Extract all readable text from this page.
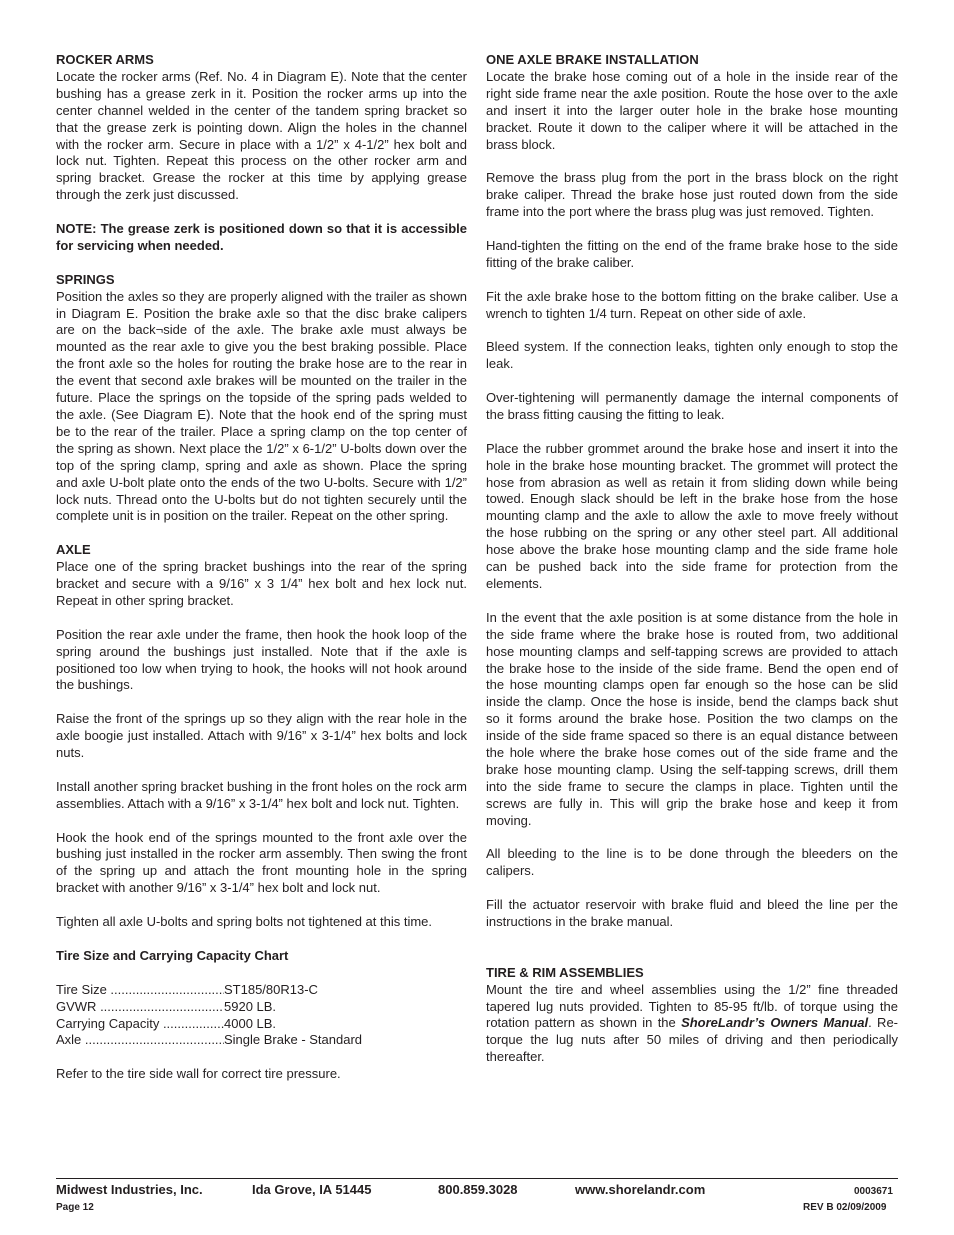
ROCKER ARMS

Locate the rocker arms (Ref. No. 4 in Diagram E). Note that the center bushing has a grease zerk in it. Position the rocker arms up into the center channel welded in the center of the tandem spring bracket so that the grease zerk is pointing down. Align the holes in the channel with the rocker arm. Secure in place with a 1/2” x 4-1/2” hex bolt and lock nut. Tighten. Repeat this process on the other rocker arm and spring bracket. Grease the rocker at this time by applying grease through the zerk just discussed.

NOTE: The grease zerk is positioned down so that it is accessible for servicing when needed.

SPRINGS

Position the axles so they are properly aligned with the trailer as shown in Diagram E. Position the brake axle so that the disc brake calipers are on the back¬side of the axle. The brake axle must always be mounted as the rear axle to give you the best braking possible. Place the front axle so the holes for routing the brake hose are to the rear in the event that second axle brakes will be mounted on the trailer in the future. Place the springs on the topside of the spring pads welded to the axle. (See Diagram E). Note that the hook end of the spring must be to the rear of the trailer. Place a spring clamp on the top center of the spring as shown. Next place the 1/2” x 6-1/2” U-bolts down over the top of the spring clamp, spring and axle as shown. Place the spring and axle U-bolt plate onto the ends of the two U-bolts. Secure with 1/2” lock nuts. Thread onto the U-bolts but do not tighten securely until the complete unit is in position on the trailer. Repeat on the other spring.

AXLE

Place one of the spring bracket bushings into the rear of the spring bracket and secure with a 9/16” x 3 1/4” hex bolt and hex lock nut. Repeat in other spring bracket.

Position the rear axle under the frame, then hook the hook loop of the spring around the bushings just installed. Note that if the axle is positioned too low when trying to hook, the hooks will not hook around the bushings.

Raise the front of the springs up so they align with the rear hole in the axle boogie just installed. Attach with 9/16” x 3-1/4” hex bolts and lock nuts.

Install another spring bracket bushing in the front holes on the rock arm assemblies. Attach with a 9/16” x 3-1/4” hex bolt and lock nut. Tighten.

Hook the hook end of the springs mounted to the front axle over the bushing just installed in the rocker arm assembly. Then swing the front of the spring up and attach the front mounting hole in the spring bracket with another 9/16” x 3-1/4” hex bolt and lock nut.

Tighten all axle U-bolts and spring bolts not tightened at this time.

Tire Size and Carrying Capacity Chart

Tire Size .....	ST185/80R13-C
GVWR .....	5920 LB.
Carrying Capacity .....	4000 LB.
Axle .....	Single Brake - Standard

Refer to the tire side wall for correct tire pressure.

ONE AXLE BRAKE INSTALLATION

Locate the brake hose coming out of a hole in the inside rear of the right side frame near the axle position. Route the hose over to the axle and insert it into the larger outer hole in the brake hose mounting bracket. Route it down to the caliper where it will be attached in the brass block.

Remove the brass plug from the port in the brass block on the right brake caliper. Thread the brake hose just routed down from the side frame into the port where the brass plug was just removed. Tighten.

Hand-tighten the fitting on the end of the frame brake hose to the side fitting of the brake caliber.

Fit the axle brake hose to the bottom fitting on the brake caliber. Use a wrench to tighten 1/4 turn. Repeat on other side of axle.

Bleed system. If the connection leaks, tighten only enough to stop the leak.

Over-tightening will permanently damage the internal components of the brass fitting causing the fitting to leak.

Place the rubber grommet around the brake hose and insert it into the hole in the brake hose mounting bracket. The grommet will protect the hose from abrasion as well as retain it from sliding down while being towed. Enough slack should be left in the brake hose from the hose mounting clamp and the axle to allow the axle to move freely without the hose rubbing on the spring or any other steel part. All additional hose above the brake hose mounting clamp and the side frame hole can be pushed back into the side frame for protection from the elements.

In the event that the axle position is at some distance from the hole in the side frame where the brake hose is routed from, two additional hose mounting clamps and self-tapping screws are provided to attach the brake hose to the inside of the side frame. Bend the open end of the hose mounting clamps open far enough so the hose can be slid inside the clamp. Once the hose is inside, bend the clamps back shut so it forms around the brake hose. Position the two clamps on the inside of the side frame spaced so there is an equal distance between the hole where the brake hose comes out of the side frame and the brake hose mounting clamp. Using the self-tapping screws, drill them into the side frame to secure the clamps in place. Tighten until the screws are fully in. This will grip the brake hose and keep it from moving.

All bleeding to the line is to be done through the bleeders on the calipers.

Fill the actuator reservoir with brake fluid and bleed the line per the instructions in the brake manual.

TIRE & RIM ASSEMBLIES

Mount the tire and wheel assemblies using the 1/2” fine threaded tapered lug nuts provided. Tighten to 85-95 ft/lb. of torque using the rotation pattern as shown in the ShoreLandr’s Owners Manual. Re-torque the lug nuts after 50 miles of driving and then periodically thereafter.

Midwest Industries, Inc.	Ida Grove, IA 51445	800.859.3028	www.shorelandr.com	0003671
Page 12	REV B 02/09/2009
